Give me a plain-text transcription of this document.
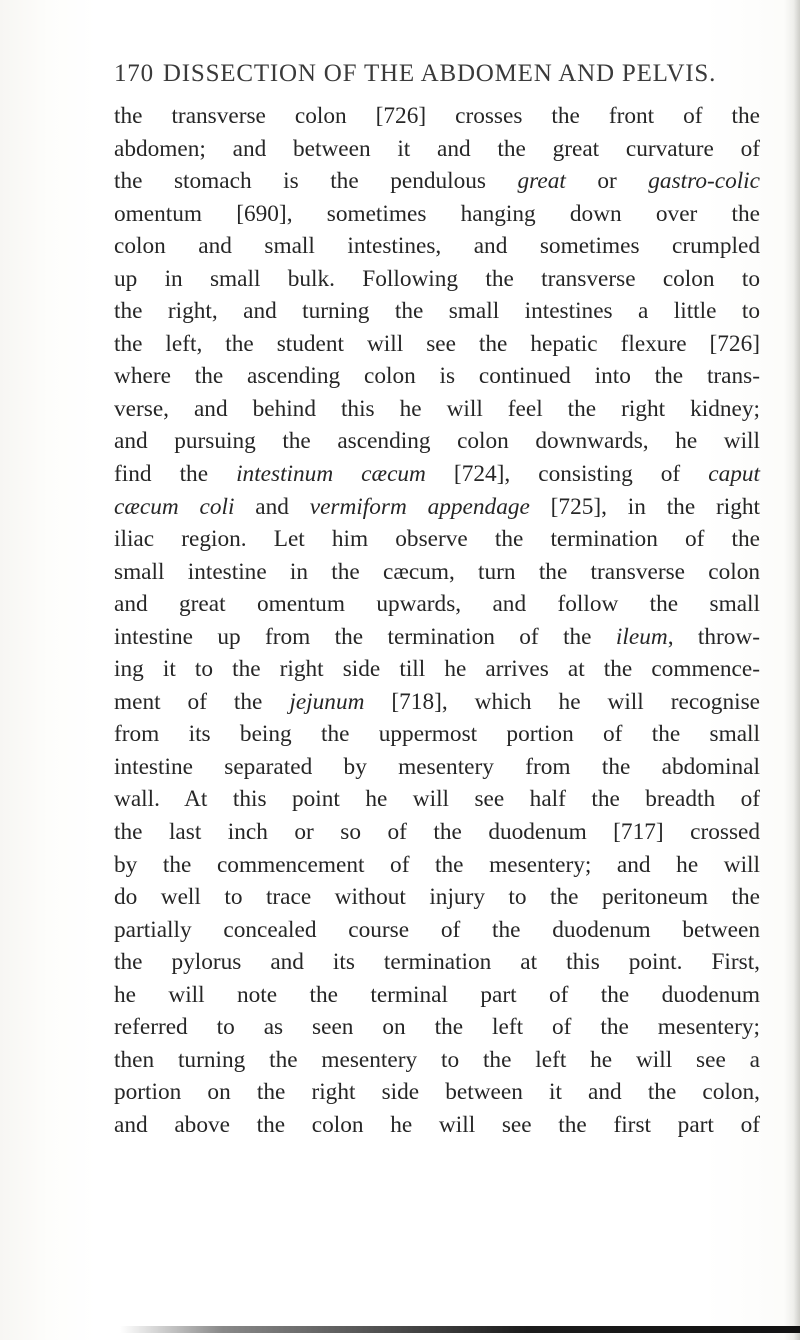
170 DISSECTION OF THE ABDOMEN AND PELVIS.
the transverse colon [726] crosses the front of the
abdomen; and between it and the great curvature of
the stomach is the pendulous great or gastro-colic
omentum [690], sometimes hanging down over the
colon and small intestines, and sometimes crumpled
up in small bulk. Following the transverse colon to
the right, and turning the small intestines a little to
the left, the student will see the hepatic flexure [726]
where the ascending colon is continued into the trans-
verse, and behind this he will feel the right kidney;
and pursuing the ascending colon downwards, he will
find the intestinum cæcum [724], consisting of caput
cæcum coli and vermiform appendage [725], in the right
iliac region. Let him observe the termination of the
small intestine in the cæcum, turn the transverse colon
and great omentum upwards, and follow the small
intestine up from the termination of the ileum, throw-
ing it to the right side till he arrives at the commence-
ment of the jejunum [718], which he will recognise
from its being the uppermost portion of the small
intestine separated by mesentery from the abdominal
wall. At this point he will see half the breadth of
the last inch or so of the duodenum [717] crossed
by the commencement of the mesentery; and he will
do well to trace without injury to the peritoneum the
partially concealed course of the duodenum between
the pylorus and its termination at this point. First,
he will note the terminal part of the duodenum
referred to as seen on the left of the mesentery;
then turning the mesentery to the left he will see a
portion on the right side between it and the colon,
and above the colon he will see the first part of
